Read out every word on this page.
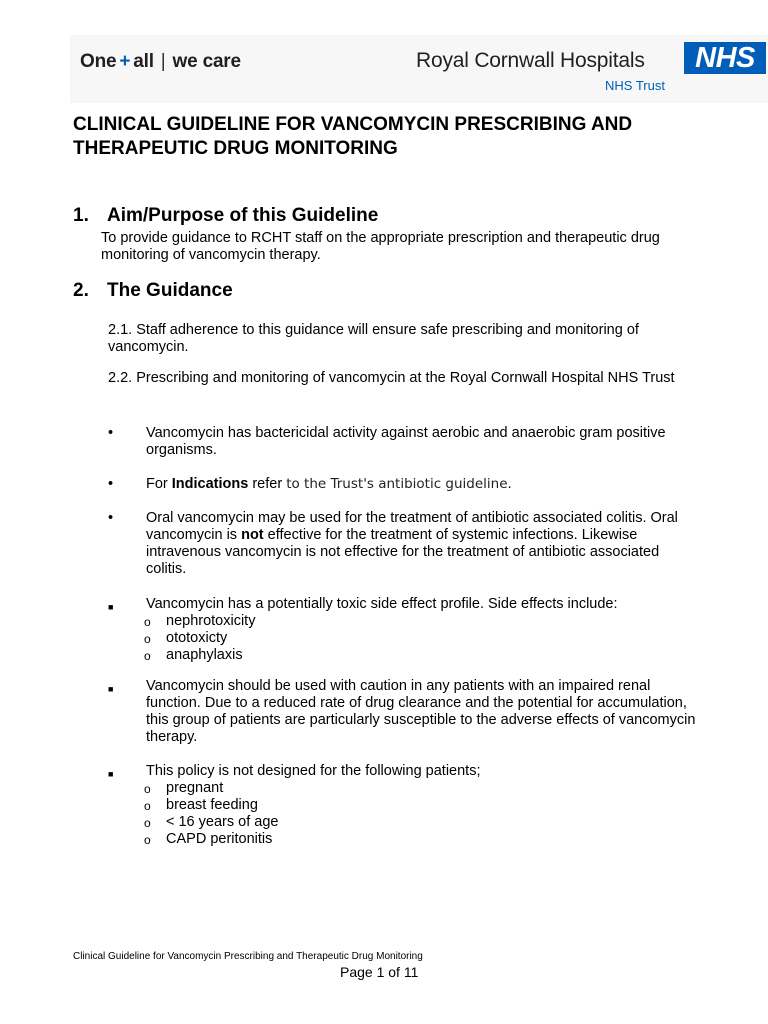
One + all | we care	Royal Cornwall Hospitals
NHS Trust
NHS
CLINICAL GUIDELINE FOR VANCOMYCIN PRESCRIBING AND THERAPEUTIC DRUG MONITORING
1. Aim/Purpose of this Guideline

To provide guidance to RCHT staff on the appropriate prescription and therapeutic drug monitoring of vancomycin therapy.

2. The Guidance

2.1. Staff adherence to this guidance will ensure safe prescribing and monitoring of vancomycin.

2.2. Prescribing and monitoring of vancomycin at the Royal Cornwall Hospital NHS Trust

• Vancomycin has bactericidal activity against aerobic and anaerobic gram positive organisms.
• For Indications refer to the Trust's antibiotic guideline.
• Oral vancomycin may be used for the treatment of antibiotic associated colitis. Oral vancomycin is not effective for the treatment of systemic infections. Likewise intravenous vancomycin is not effective for the treatment of antibiotic associated colitis.
■ Vancomycin has a potentially toxic side effect profile. Side effects include:
o nephrotoxicity
o ototoxicty
o anaphylaxis
■ Vancomycin should be used with caution in any patients with an impaired renal function. Due to a reduced rate of drug clearance and the potential for accumulation, this group of patients are particularly susceptible to the adverse effects of vancomycin therapy.
■ This policy is not designed for the following patients;
o pregnant
o breast feeding
o < 16 years of age
o CAPD peritonitis
Clinical Guideline for Vancomycin Prescribing and Therapeutic Drug Monitoring
Page 1 of 11
